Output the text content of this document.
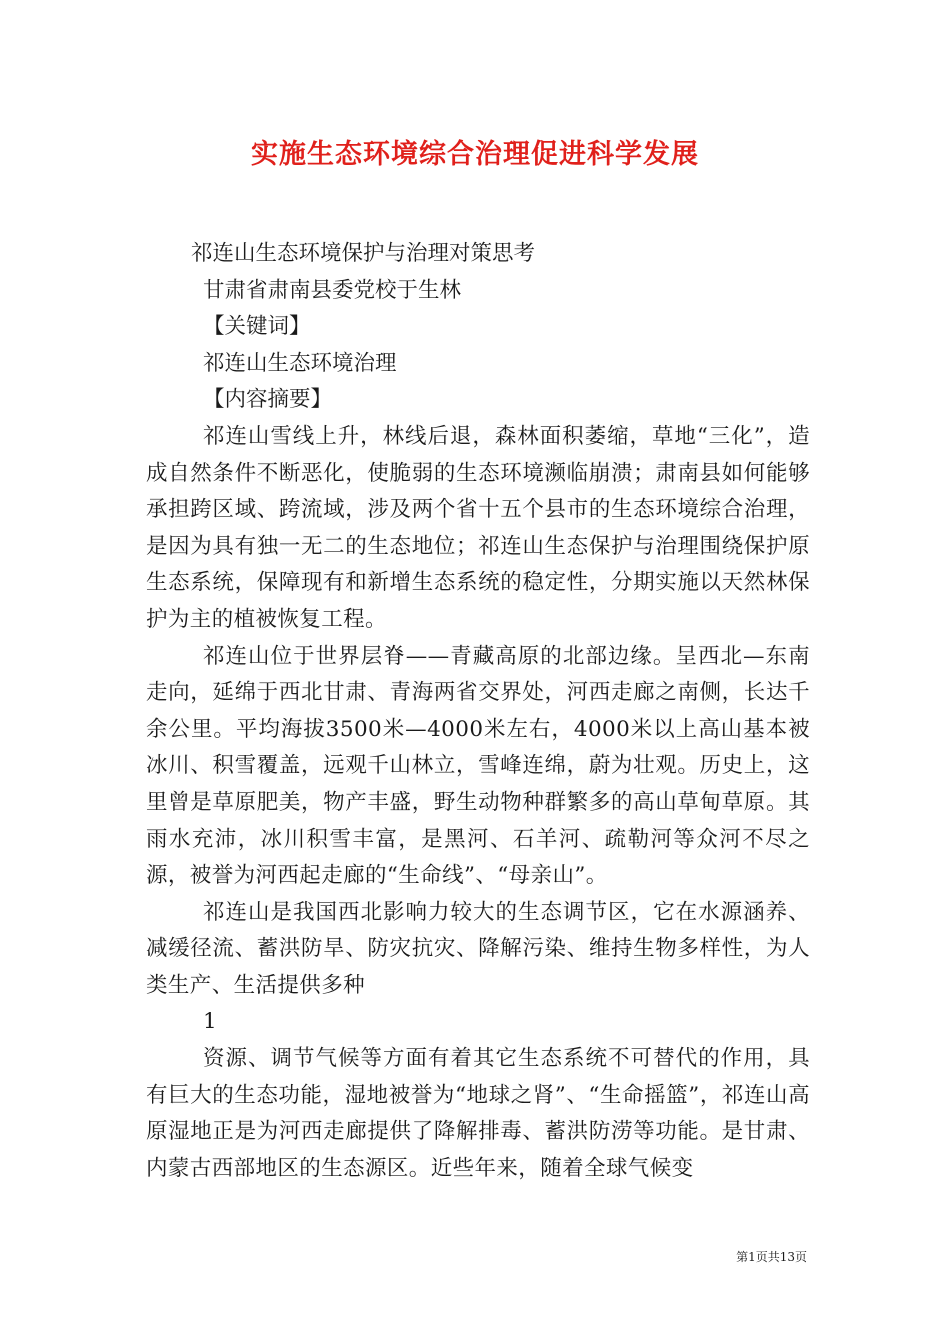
实施生态环境综合治理促进科学发展

祁连山生态环境保护与治理对策思考

甘肃省肃南县委党校于生林

【关键词】

祁连山生态环境治理

【内容摘要】

祁连山雪线上升，林线后退，森林面积萎缩，草地“三化”，造成自然条件不断恶化，使脆弱的生态环境濒临崩溃；肃南县如何能够承担跨区域、跨流域，涉及两个省十五个县市的生态环境综合治理，是因为具有独一无二的生态地位；祁连山生态保护与治理围绕保护原生态系统，保障现有和新增生态系统的稳定性，分期实施以天然林保护为主的植被恢复工程。

祁连山位于世界层脊——青藏高原的北部边缘。呈西北—东南走向，延绵于西北甘肃、青海两省交界处，河西走廊之南侧，长达千余公里。平均海拔3500米—4000米左右，4000米以上高山基本被冰川、积雪覆盖，远观千山林立，雪峰连绵，蔚为壮观。历史上，这里曾是草原肥美，物产丰盛，野生动物种群繁多的高山草甸草原。其雨水充沛，冰川积雪丰富，是黑河、石羊河、疏勒河等众河不尽之源，被誉为河西起走廊的“生命线”、“母亲山”。

祁连山是我国西北影响力较大的生态调节区，它在水源涵养、减缓径流、蓄洪防旱、防灾抗灾、降解污染、维持生物多样性，为人类生产、生活提供多种

1

资源、调节气候等方面有着其它生态系统不可替代的作用，具有巨大的生态功能，湿地被誉为“地球之肾”、“生命摇篮”，祁连山高原湿地正是为河西走廊提供了降解排毒、蓄洪防涝等功能。是甘肃、内蒙古西部地区的生态源区。近些年来，随着全球气候变

第1页共13页
